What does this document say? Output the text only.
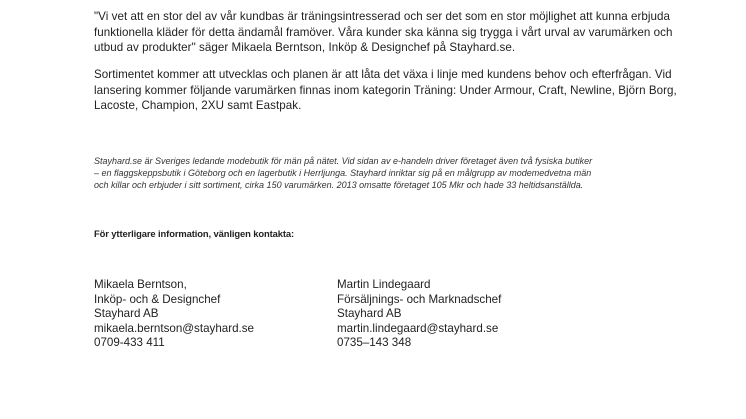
"Vi vet att en stor del av vår kundbas är träningsintresserad och ser det som en stor möjlighet att kunna erbjuda
funktionella kläder för detta ändamål framöver. Våra kunder ska känna sig trygga i vårt urval av varumärken och
utbud av produkter" säger Mikaela Berntson, Inköp & Designchef på Stayhard.se.

Sortimentet kommer att utvecklas och planen är att låta det växa i linje med kundens behov och efterfrågan. Vid
lansering kommer följande varumärken finnas inom kategorin Träning: Under Armour, Craft, Newline, Björn Borg,
Lacoste, Champion, 2XU samt Eastpak.

Stayhard.se är Sveriges ledande modebutik för män på nätet. Vid sidan av e-handeln driver företaget även två fysiska butiker
– en flaggskeppsbutik i Göteborg och en lagerbutik i Herrljunga. Stayhard inriktar sig på en målgrupp av modemedvetna män
och killar och erbjuder i sitt sortiment, cirka 150 varumärken. 2013 omsatte företaget 105 Mkr och hade 33 heltidsanställda.

För ytterligare information, vänligen kontakta:

Mikaela Berntson,
Inköp- och & Designchef
Stayhard AB
mikaela.berntson@stayhard.se
0709-433 411
Martin Lindegaard
Försäljnings- och Marknadschef
Stayhard AB
martin.lindegaard@stayhard.se
0735–143 348
